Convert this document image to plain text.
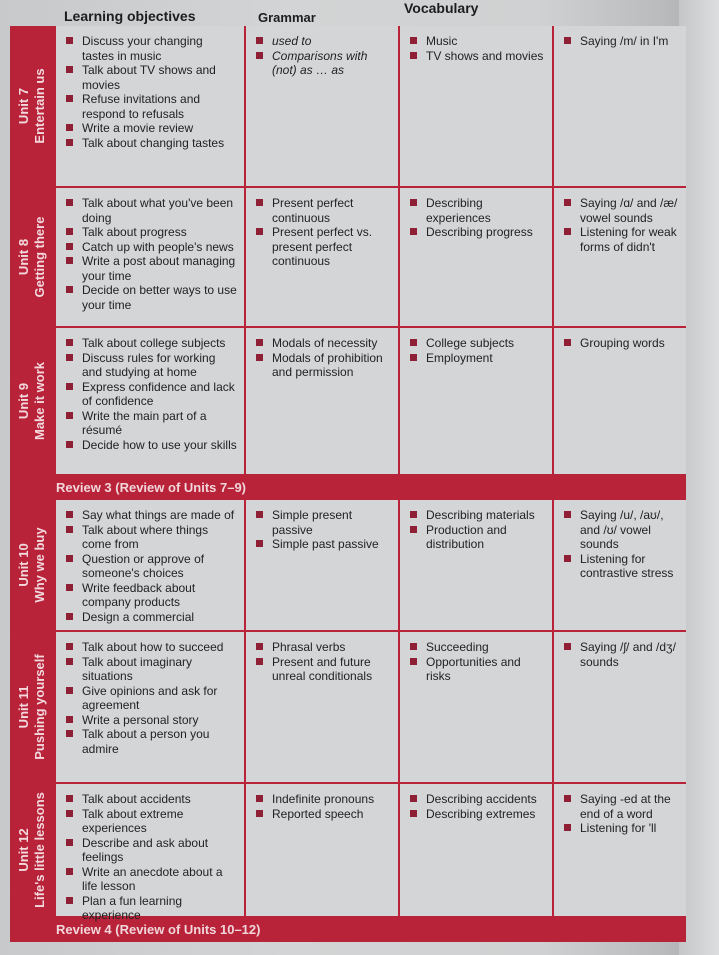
Learning objectives	Grammar
Vocabulary
Unit 7 Entertain us
Discuss your changing tastes in music
Talk about TV shows and movies
Refuse invitations and respond to refusals
Write a movie review
Talk about changing tastes
used to
Comparisons with (not) as … as
Music
TV shows and movies
Saying /m/ in I'm
Unit 8 Getting there
Talk about what you've been doing
Talk about progress
Catch up with people's news
Write a post about managing your time
Decide on better ways to use your time
Present perfect continuous
Present perfect vs. present perfect continuous
Describing experiences
Describing progress
Saying /ɑ/ and /æ/ vowel sounds
Listening for weak forms of didn't
Unit 9 Make it work
Talk about college subjects
Discuss rules for working and studying at home
Express confidence and lack of confidence
Write the main part of a résumé
Decide how to use your skills
Modals of necessity
Modals of prohibition and permission
College subjects
Employment
Grouping words
Review 3 (Review of Units 7–9)
Unit 10 Why we buy
Say what things are made of
Talk about where things come from
Question or approve of someone's choices
Write feedback about company products
Design a commercial
Simple present passive
Simple past passive
Describing materials
Production and distribution
Saying /u/, /aʊ/, and /ʊ/ vowel sounds
Listening for contrastive stress
Unit 11 Pushing yourself
Talk about how to succeed
Talk about imaginary situations
Give opinions and ask for agreement
Write a personal story
Talk about a person you admire
Phrasal verbs
Present and future unreal conditionals
Succeeding
Opportunities and risks
Saying /ʃ/ and /dʒ/ sounds
Unit 12 Life's little lessons	Talk about accidents
Talk about extreme experiences
Describe and ask about feelings
Write an anecdote about a life lesson
Plan a fun learning experience
Indefinite pronouns
Reported speech
Describing accidents
Describing extremes
Saying -ed at the end of a word
Listening for 'll
Review 4 (Review of Units 10–12)
